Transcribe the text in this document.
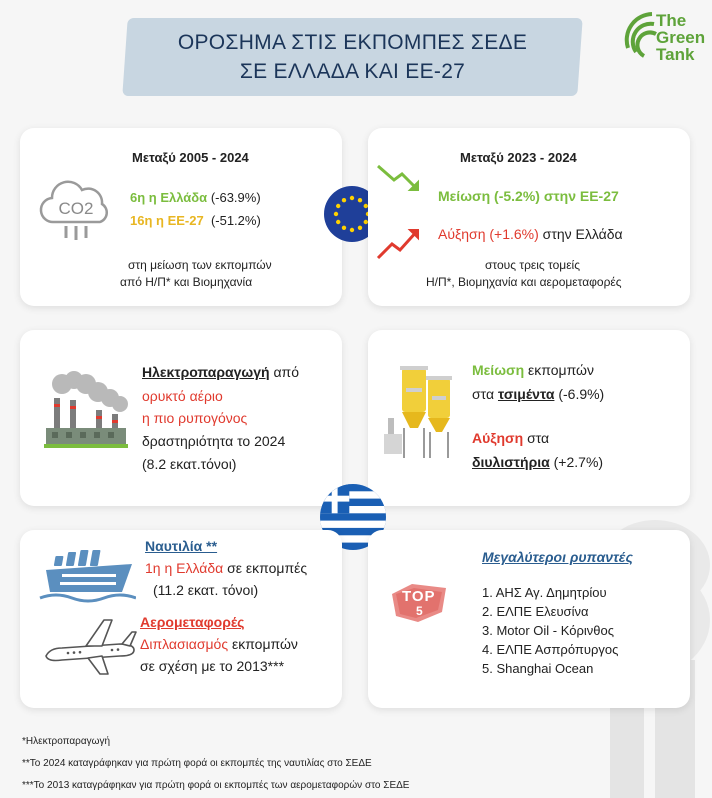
ΟΡΟΣΗΜΑ ΣΤΙΣ ΕΚΠΟΜΠΕΣ ΣΕΔΕ
ΣΕ ΕΛΛΑΔΑ ΚΑΙ ΕΕ-27
The
Green
Tank
Μεταξύ 2005 - 2024
CO2
6η η Ελλάδα (-63.9%)
16η η ΕΕ-27 (-51.2%)
στη μείωση των εκπομπών
από Η/Π* και Βιομηχανία
Μεταξύ 2023 - 2024
Μείωση (-5.2%) στην ΕΕ-27
Αύξηση (+1.6%) στην Ελλάδα
στους τρεις τομείς
Η/Π*, Βιομηχανία και αερομεταφορές
Ηλεκτροπαραγωγή από
ορυκτό αέριο
η πιο ρυπογόνος
δραστηριότητα το 2024
(8.2 εκατ.τόνοι)
Μείωση εκπομπών
στα τσιμέντα (-6.9%)
Αύξηση στα
διυλιστήρια (+2.7%)
Ναυτιλία **
1η η Ελλάδα σε εκπομπές
(11.2 εκατ. τόνοι)
Αερομεταφορές
Διπλασιασμός εκπομπών
σε σχέση με το 2013***
Μεγαλύτεροι ρυπαντές
TOP
5
1. ΑΗΣ Αγ. Δημητρίου
2. ΕΛΠΕ Ελευσίνα
3. Motor Oil - Κόρινθος
4. ΕΛΠΕ Ασπρόπυργος
5. Shanghai Ocean
*Ηλεκτροπαραγωγή
**Το 2024 καταγράφηκαν για πρώτη φορά οι εκπομπές της ναυτιλίας στο ΣΕΔΕ
***Το 2013 καταγράφηκαν για πρώτη φορά οι εκπομπές των αερομεταφορών στο ΣΕΔΕ
